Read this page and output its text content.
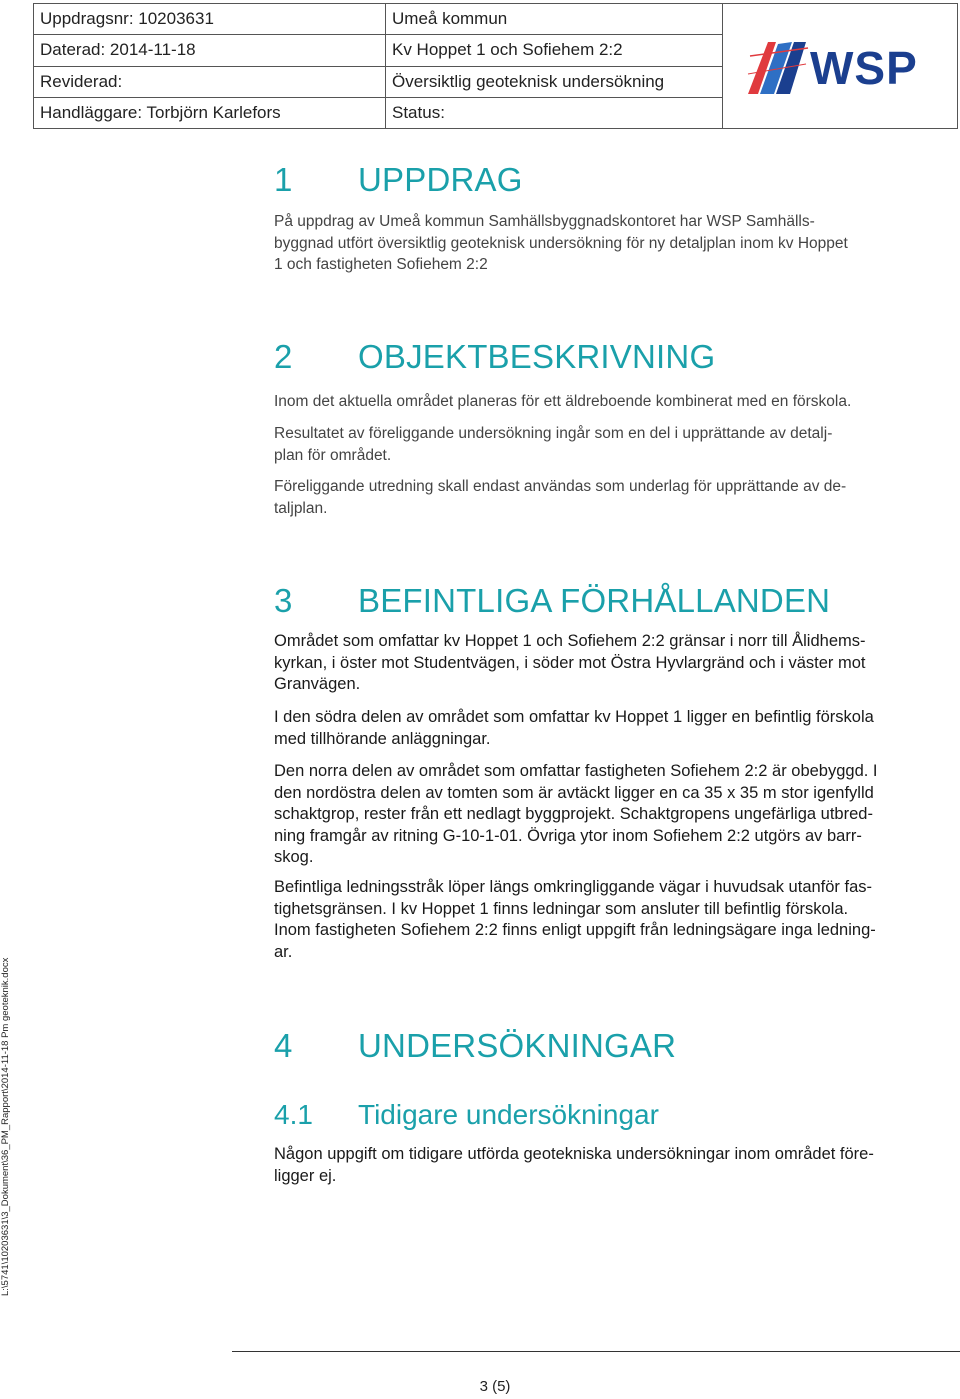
Uppdragsnr: 10203631	Umeå kommun	WSP

Daterad: 2014-11-18	Kv Hoppet 1 och Sofiehem 2:2	
Reviderad:	Översiktlig geoteknisk undersökning	
Handläggare: Torbjörn Karlefors	Status:	
1 UPPDRAG

På uppdrag av Umeå kommun Samhällsbyggnadskontoret har WSP Samhälls-
byggnad utfört översiktlig geoteknisk undersökning för ny detaljplan inom kv Hoppet
1 och fastigheten Sofiehem 2:2

2 OBJEKTBESKRIVNING

Inom det aktuella området planeras för ett äldreboende kombinerat med en förskola.

Resultatet av föreliggande undersökning ingår som en del i upprättande av detalj-
plan för området.

Föreliggande utredning skall endast användas som underlag för upprättande av de-
taljplan.

3 BEFINTLIGA FÖRHÅLLANDEN

Området som omfattar kv Hoppet 1 och Sofiehem 2:2 gränsar i norr till Ålidhems-
kyrkan, i öster mot Studentvägen, i söder mot Östra Hyvlargränd och i väster mot
Granvägen.

I den södra delen av området som omfattar kv Hoppet 1 ligger en befintlig förskola
med tillhörande anläggningar.

Den norra delen av området som omfattar fastigheten Sofiehem 2:2 är obebyggd. I
den nordöstra delen av tomten som är avtäckt ligger en ca 35 x 35 m stor igenfylld
schaktgrop, rester från ett nedlagt byggprojekt. Schaktgropens ungefärliga utbred-
ning framgår av ritning G-10-1-01. Övriga ytor inom Sofiehem 2:2 utgörs av barr-
skog.

Befintliga ledningsstråk löper längs omkringliggande vägar i huvudsak utanför fas-
tighetsgränsen. I kv Hoppet 1 finns ledningar som ansluter till befintlig förskola.
Inom fastigheten Sofiehem 2:2 finns enligt uppgift från ledningsägare inga ledning-
ar.

4 UNDERSÖKNINGAR
4.1 Tidigare undersökningar

Någon uppgift om tidigare utförda geotekniska undersökningar inom området före-
ligger ej.

L:\5741\10203631\3_Dokument\36_PM_Rapport\2014-11-18 Pm geoteknik.docx
3 (5)
